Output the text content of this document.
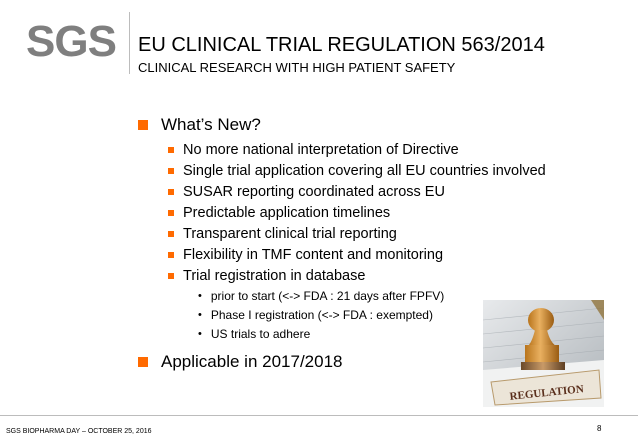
SGS EU CLINICAL TRIAL REGULATION 563/2014
CLINICAL RESEARCH WITH HIGH PATIENT SAFETY
What’s New?
No more national interpretation of Directive
Single trial application covering all EU countries involved
SUSAR reporting coordinated across EU
Predictable application timelines
Transparent clinical trial reporting
Flexibility in TMF content and monitoring
Trial registration in database
• prior to start (<-> FDA : 21 days after FPFV)
• Phase I registration (<-> FDA : exempted)
• US trials to adhere
Applicable in 2017/2018
REGULATION
SGS BIOPHARMA DAY – OCTOBER 25, 2016	8
